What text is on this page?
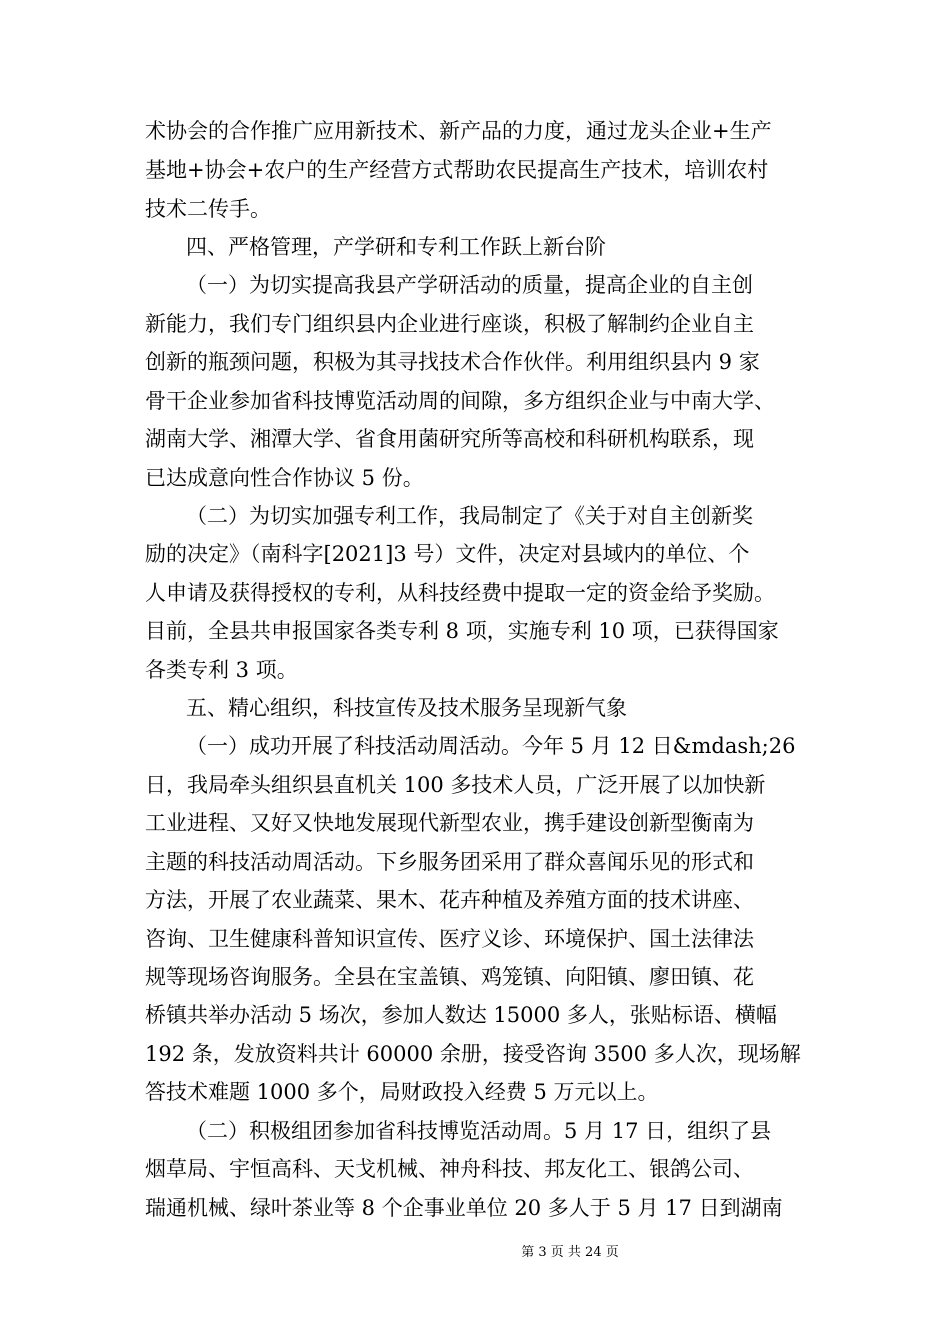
术协会的合作推广应用新技术、新产品的力度，通过龙头企业+生产
基地+协会+农户的生产经营方式帮助农民提高生产技术，培训农村
技术二传手。
四、严格管理，产学研和专利工作跃上新台阶
（一）为切实提高我县产学研活动的质量，提高企业的自主创
新能力，我们专门组织县内企业进行座谈，积极了解制约企业自主
创新的瓶颈问题，积极为其寻找技术合作伙伴。利用组织县内 9 家
骨干企业参加省科技博览活动周的间隙，多方组织企业与中南大学、
湖南大学、湘潭大学、省食用菌研究所等高校和科研机构联系，现
已达成意向性合作协议 5 份。
（二）为切实加强专利工作，我局制定了《关于对自主创新奖
励的决定》（南科字[2021]3 号）文件，决定对县域内的单位、个
人申请及获得授权的专利，从科技经费中提取一定的资金给予奖励。
目前，全县共申报国家各类专利 8 项，实施专利 10 项，已获得国家
各类专利 3 项。
五、精心组织，科技宣传及技术服务呈现新气象
（一）成功开展了科技活动周活动。今年 5 月 12 日&mdash;26
日，我局牵头组织县直机关 100 多技术人员，广泛开展了以加快新
工业进程、又好又快地发展现代新型农业，携手建设创新型衡南为
主题的科技活动周活动。下乡服务团采用了群众喜闻乐见的形式和
方法，开展了农业蔬菜、果木、花卉种植及养殖方面的技术讲座、
咨询、卫生健康科普知识宣传、医疗义诊、环境保护、国土法律法
规等现场咨询服务。全县在宝盖镇、鸡笼镇、向阳镇、廖田镇、花
桥镇共举办活动 5 场次，参加人数达 15000 多人，张贴标语、横幅
192 条，发放资料共计 60000 余册，接受咨询 3500 多人次，现场解
答技术难题 1000 多个，局财政投入经费 5 万元以上。
（二）积极组团参加省科技博览活动周。5 月 17 日，组织了县
烟草局、宇恒高科、天戈机械、神舟科技、邦友化工、银鸽公司、
瑞通机械、绿叶茶业等 8 个企事业单位 20 多人于 5 月 17 日到湖南
第 3 页 共 24 页
